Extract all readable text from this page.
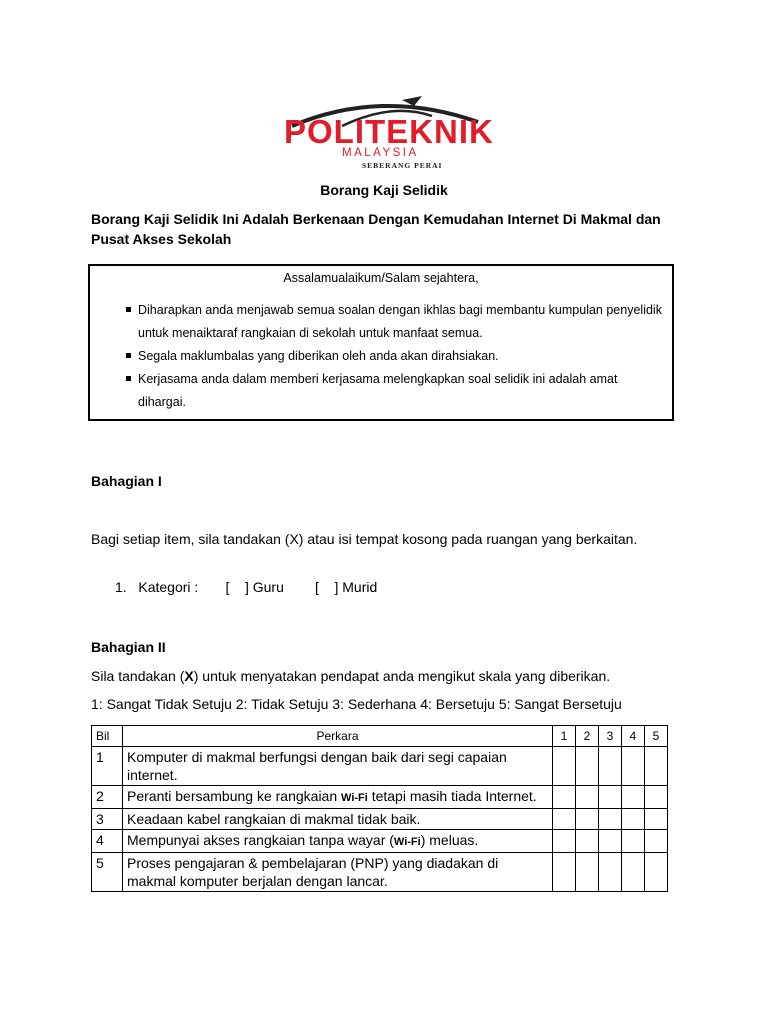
POLITEKNIK
MALAYSIA
SEBERANG PERAI
Borang Kaji Selidik
Borang Kaji Selidik Ini Adalah Berkenaan Dengan Kemudahan Internet Di Makmal dan Pusat Akses Sekolah
Assalamualaikum/Salam sejahtera,
Diharapkan anda menjawab semua soalan dengan ikhlas bagi membantu kumpulan penyelidik untuk menaiktaraf rangkaian di sekolah untuk manfaat semua.
Segala maklumbalas yang diberikan oleh anda akan dirahsiakan.
Kerjasama anda dalam memberi kerjasama melengkapkan soal selidik ini adalah amat dihargai.
Bahagian I
Bagi setiap item, sila tandakan (X) atau isi tempat kosong pada ruangan yang berkaitan.
1. Kategori : [    ] Guru [    ] Murid
Bahagian II
Sila tandakan (X) untuk menyatakan pendapat anda mengikut skala yang diberikan.
1: Sangat Tidak Setuju 2: Tidak Setuju 3: Sederhana 4: Bersetuju 5: Sangat Bersetuju
Bil	Perkara	1	2	3	4	5
1	Komputer di makmal berfungsi dengan baik dari segi capaian internet.					
2	Peranti bersambung ke rangkaian Wi-Fi tetapi masih tiada Internet.					
3	Keadaan kabel rangkaian di makmal tidak baik.					
4	Mempunyai akses rangkaian tanpa wayar (Wi-Fi) meluas.					
5	Proses pengajaran & pembelajaran (PNP) yang diadakan di makmal komputer berjalan dengan lancar.					
